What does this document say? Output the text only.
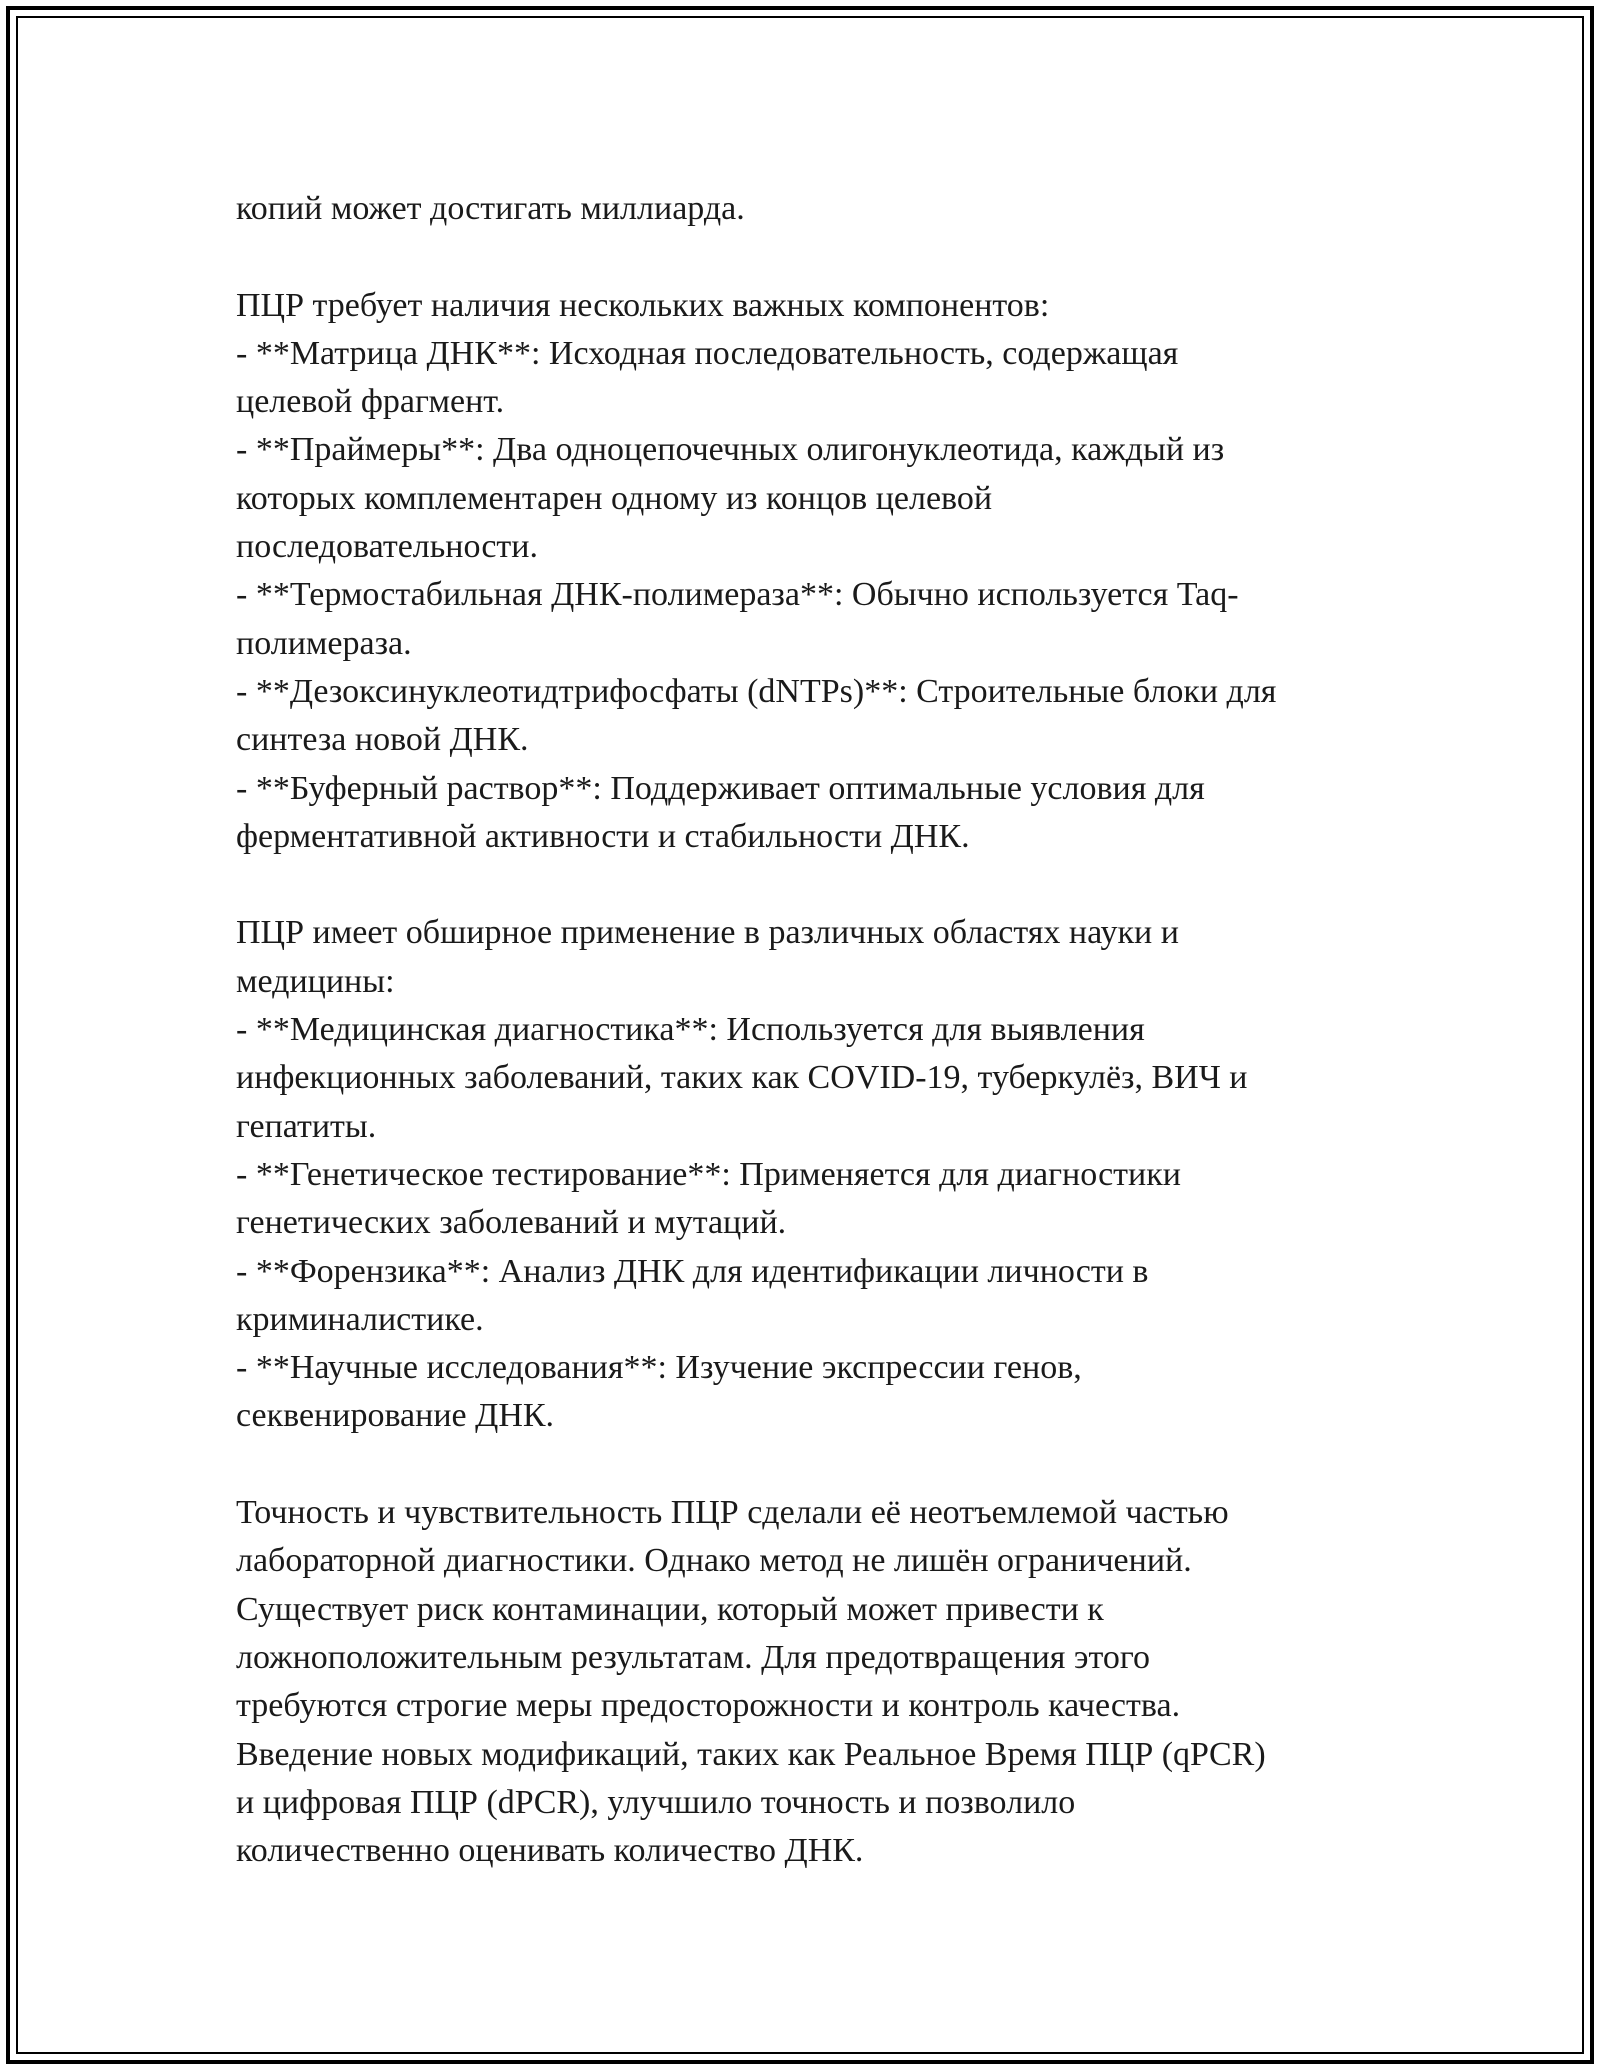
копий может достигать миллиарда.
ПЦР требует наличия нескольких важных компонентов:
- **Матрица ДНК**: Исходная последовательность, содержащая
целевой фрагмент.
- **Праймеры**: Два одноцепочечных олигонуклеотида, каждый из
которых комплементарен одному из концов целевой
последовательности.
- **Термостабильная ДНК-полимераза**: Обычно используется Taq-
полимераза.
- **Дезоксинуклеотидтрифосфаты (dNTPs)**: Строительные блоки для
синтеза новой ДНК.
- **Буферный раствор**: Поддерживает оптимальные условия для
ферментативной активности и стабильности ДНК.
ПЦР имеет обширное применение в различных областях науки и
медицины:
- **Медицинская диагностика**: Используется для выявления
инфекционных заболеваний, таких как COVID-19, туберкулёз, ВИЧ и
гепатиты.
- **Генетическое тестирование**: Применяется для диагностики
генетических заболеваний и мутаций.
- **Форензика**: Анализ ДНК для идентификации личности в
криминалистике.
- **Научные исследования**: Изучение экспрессии генов,
секвенирование ДНК.
Точность и чувствительность ПЦР сделали её неотъемлемой частью
лабораторной диагностики. Однако метод не лишён ограничений.
Существует риск контаминации, который может привести к
ложноположительным результатам. Для предотвращения этого
требуются строгие меры предосторожности и контроль качества.
Введение новых модификаций, таких как Реальное Время ПЦР (qPCR)
и цифровая ПЦР (dPCR), улучшило точность и позволило
количественно оценивать количество ДНК.
